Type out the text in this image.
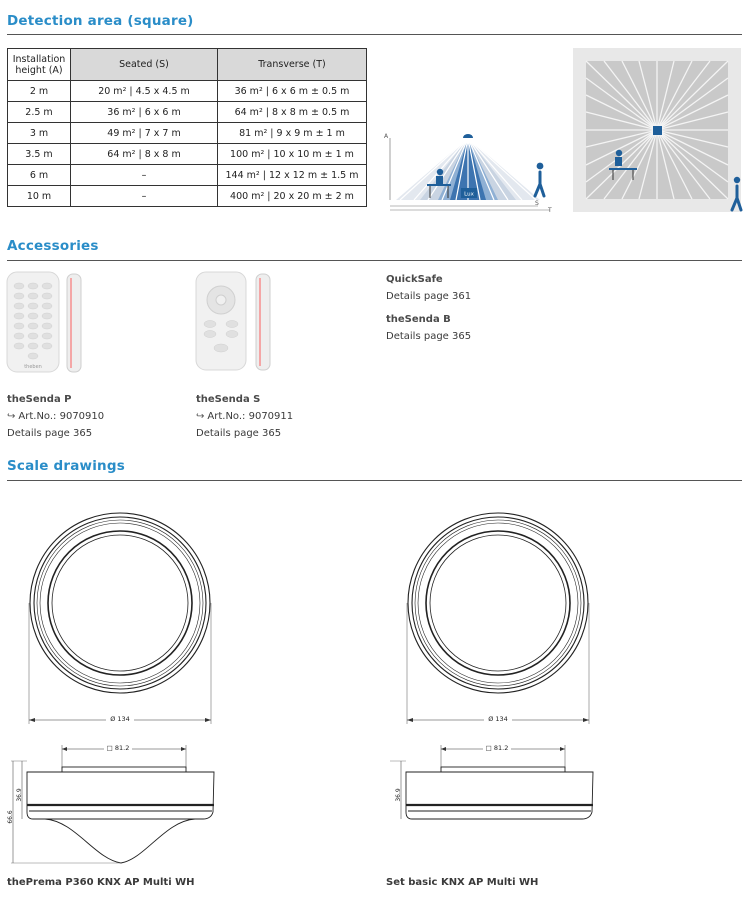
Detection area (square)
Installation height (A)	Seated (S)	Transverse (T)
2 m	20 m² | 4.5 x 4.5 m	36 m² | 6 x 6 m ± 0.5 m
2.5 m	36 m² | 6 x 6 m	64 m² | 8 x 8 m ± 0.5 m
3 m	49 m² | 7 x 7 m	81 m² | 9 x 9 m ± 1 m
3.5 m	64 m² | 8 x 8 m	100 m² | 10 x 10 m ± 1 m
6 m	–	144 m² | 12 x 12 m ± 1.5 m
10 m	–	400 m² | 20 x 20 m ± 2 m	Lux
A
S
T
Accessories
theben
theSenda P
↪ Art.No.: 9070910
Details page 365
theSenda S
↪ Art.No.: 9070911
Details page 365
QuickSafe
Details page 361
theSenda B
Details page 365
Scale drawings
Ø 134
□ 81.2
36.9
66.6
thePrema P360 KNX AP Multi WH
Ø 134
□ 81.2
36.9
Set basic KNX AP Multi WH
